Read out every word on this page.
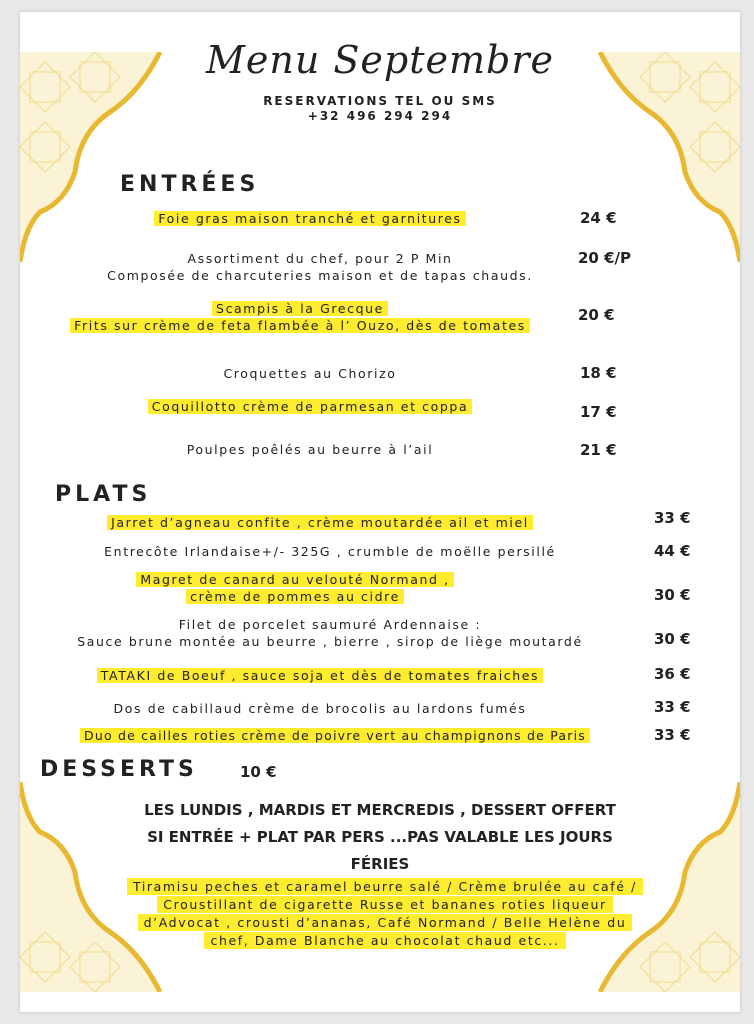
Menu Septembre
RESERVATIONS TEL OU SMS
+32 496 294 294
ENTRÉES
Foie gras maison tranché et garnitures	24 €
Assortiment du chef, pour 2 P Min
Composée de charcuteries maison et de tapas chauds.
20 €/P
Scampis à la Grecque
Frits sur crème de feta flambée à l’ Ouzo, dès de tomates
20 €
Croquettes au Chorizo	18 €
Coquillotto crème de parmesan et coppa	17 €
Poulpes poêlés au beurre à l’ail	21 €
PLATS
Jarret d’agneau confite , crème moutardée ail et miel	33 €
Entrecôte Irlandaise+/- 325G , crumble de moëlle persillé	44 €
Magret de canard au velouté Normand ,
crème de pommes au cidre	30 €
Filet de porcelet saumuré Ardennaise :
Sauce brune montée au beurre , bierre , sirop de liège moutardé	30 €
TATAKI de Boeuf , sauce soja et dès de tomates fraiches	36 €
Dos de cabillaud crème de brocolis au lardons fumés	33 €
Duo de cailles roties crème de poivre vert au champignons de Paris	33 €
DESSERTS	10 €
LES LUNDIS , MARDIS ET MERCREDIS , DESSERT OFFERT
SI ENTRÉE + PLAT PAR PERS ...PAS VALABLE LES JOURS
FÉRIES
Tiramisu peches et caramel beurre salé / Crème brulée au café / Croustillant de cigarette Russe et bananes roties liqueur d’Advocat , crousti d’ananas, Café Normand / Belle Helène du chef, Dame Blanche au chocolat chaud etc...
